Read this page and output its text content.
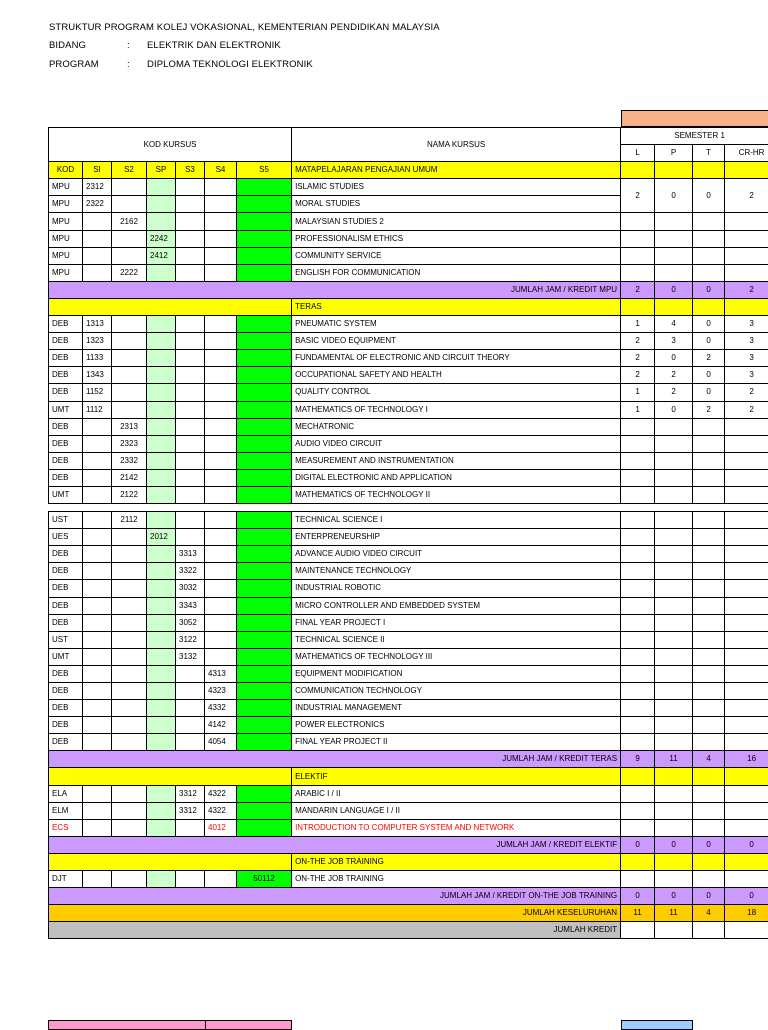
STRUKTUR PROGRAM KOLEJ VOKASIONAL, KEMENTERIAN PENDIDIKAN MALAYSIA
BIDANG	: ELEKTRIK DAN ELEKTRONIK
PROGRAM	: DIPLOMA TEKNOLOGI ELEKTRONIK
KOD KURSUS							NAMA KURSUS	SEMESTER 1			
								L	P	T	CR-HR
KOD	SI	S2	SP	S3	S4	S5	MATAPELAJARAN PENGAJIAN UMUM				
MPU	2312						ISLAMIC STUDIES	2	0	0	2
MPU	2322						MORAL STUDIES				
MPU		2162					MALAYSIAN STUDIES 2				
MPU			2242				PROFESSIONALISM ETHICS				
MPU			2412				COMMUNITY SERVICE				
MPU		2222					ENGLISH FOR COMMUNICATION				
JUMLAH JAM / KREDIT MPU								2	0	0	2
							TERAS				
DEB	1313						PNEUMATIC SYSTEM	1	4	0	3
DEB	1323						BASIC VIDEO EQUIPMENT	2	3	0	3
DEB	1133						FUNDAMENTAL OF ELECTRONIC AND CIRCUIT THEORY	2	0	2	3
DEB	1343						OCCUPATIONAL SAFETY AND HEALTH	2	2	0	3
DEB	1152						QUALITY CONTROL	1	2	0	2
UMT	1112						MATHEMATICS OF TECHNOLOGY I	1	0	2	2
DEB		2313					MECHATRONIC				
DEB		2323					AUDIO VIDEO CIRCUIT				
DEB		2332					MEASUREMENT AND INSTRUMENTATION				
DEB		2142					DIGITAL ELECTRONIC AND APPLICATION				
UMT		2122					MATHEMATICS OF TECHNOLOGY II				

UST		2112					TECHNICAL SCIENCE I				
UES			2012				ENTERPRENEURSHIP				
DEB				3313			ADVANCE AUDIO VIDEO CIRCUIT				
DEB				3322			MAINTENANCE TECHNOLOGY				
DEB				3032			INDUSTRIAL ROBOTIC				
DEB				3343			MICRO CONTROLLER AND EMBEDDED SYSTEM				
DEB				3052			FINAL YEAR PROJECT I				
UST				3122			TECHNICAL SCIENCE II				
UMT				3132			MATHEMATICS OF TECHNOLOGY III				
DEB					4313		EQUIPMENT MODIFICATION				
DEB					4323		COMMUNICATION TECHNOLOGY				
DEB					4332		INDUSTRIAL MANAGEMENT				
DEB					4142		POWER ELECTRONICS				
DEB					4054		FINAL YEAR PROJECT II				
JUMLAH JAM / KREDIT TERAS								9	11	4	16
							ELEKTIF				
ELA				3312	4322		ARABIC I / II				
ELM				3312	4322		MANDARIN LANGUAGE I / II				
ECS					4012		INTRODUCTION TO COMPUTER SYSTEM AND NETWORK				
JUMLAH JAM / KREDIT ELEKTIF								0	0	0	0
							ON-THE JOB TRAINING				
DJT						50112	ON-THE JOB TRAINING				
JUMLAH JAM / KREDIT ON-THE JOB TRAINING								0	0	0	0
JUMLAH KESELURUHAN								11	11	4	18
JUMLAH KREDIT											
